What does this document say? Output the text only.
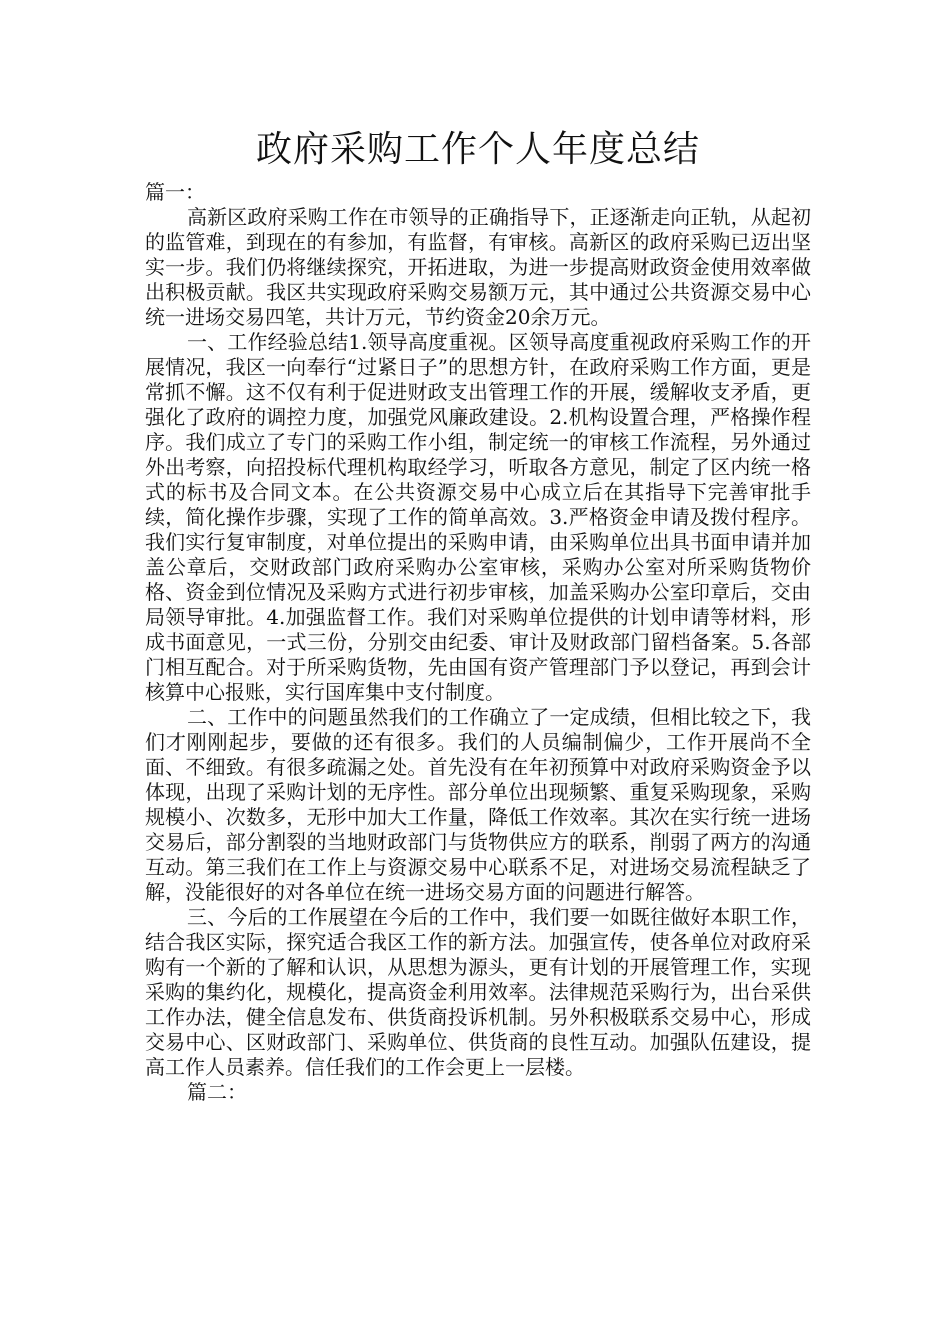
政府采购工作个人年度总结

篇一：

高新区政府采购工作在市领导的正确指导下，正逐渐走向正轨，从起初的监管难，到现在的有参加，有监督，有审核。高新区的政府采购已迈出坚实一步。我们仍将继续探究，开拓进取，为进一步提高财政资金使用效率做出积极贡献。我区共实现政府采购交易额万元，其中通过公共资源交易中心统一进场交易四笔，共计万元，节约资金20余万元。

一、工作经验总结1.领导高度重视。区领导高度重视政府采购工作的开展情况，我区一向奉行“过紧日子”的思想方针，在政府采购工作方面，更是常抓不懈。这不仅有利于促进财政支出管理工作的开展，缓解收支矛盾，更强化了政府的调控力度，加强党风廉政建设。2.机构设置合理，严格操作程序。我们成立了专门的采购工作小组，制定统一的审核工作流程，另外通过外出考察，向招投标代理机构取经学习，听取各方意见，制定了区内统一格式的标书及合同文本。在公共资源交易中心成立后在其指导下完善审批手续，简化操作步骤，实现了工作的简单高效。3.严格资金申请及拨付程序。我们实行复审制度，对单位提出的采购申请，由采购单位出具书面申请并加盖公章后，交财政部门政府采购办公室审核，采购办公室对所采购货物价格、资金到位情况及采购方式进行初步审核，加盖采购办公室印章后，交由局领导审批。4.加强监督工作。我们对采购单位提供的计划申请等材料，形成书面意见，一式三份，分别交由纪委、审计及财政部门留档备案。5.各部门相互配合。对于所采购货物，先由国有资产管理部门予以登记，再到会计核算中心报账，实行国库集中支付制度。

二、工作中的问题虽然我们的工作确立了一定成绩，但相比较之下，我们才刚刚起步，要做的还有很多。我们的人员编制偏少，工作开展尚不全面、不细致。有很多疏漏之处。首先没有在年初预算中对政府采购资金予以体现，出现了采购计划的无序性。部分单位出现频繁、重复采购现象，采购规模小、次数多，无形中加大工作量，降低工作效率。其次在实行统一进场交易后，部分割裂的当地财政部门与货物供应方的联系，削弱了两方的沟通互动。第三我们在工作上与资源交易中心联系不足，对进场交易流程缺乏了解，没能很好的对各单位在统一进场交易方面的问题进行解答。

三、今后的工作展望在今后的工作中，我们要一如既往做好本职工作，结合我区实际，探究适合我区工作的新方法。加强宣传，使各单位对政府采购有一个新的了解和认识，从思想为源头，更有计划的开展管理工作，实现采购的集约化，规模化，提高资金利用效率。法律规范采购行为，出台采供工作办法，健全信息发布、供货商投诉机制。另外积极联系交易中心，形成交易中心、区财政部门、采购单位、供货商的良性互动。加强队伍建设，提高工作人员素养。信任我们的工作会更上一层楼。

篇二：
